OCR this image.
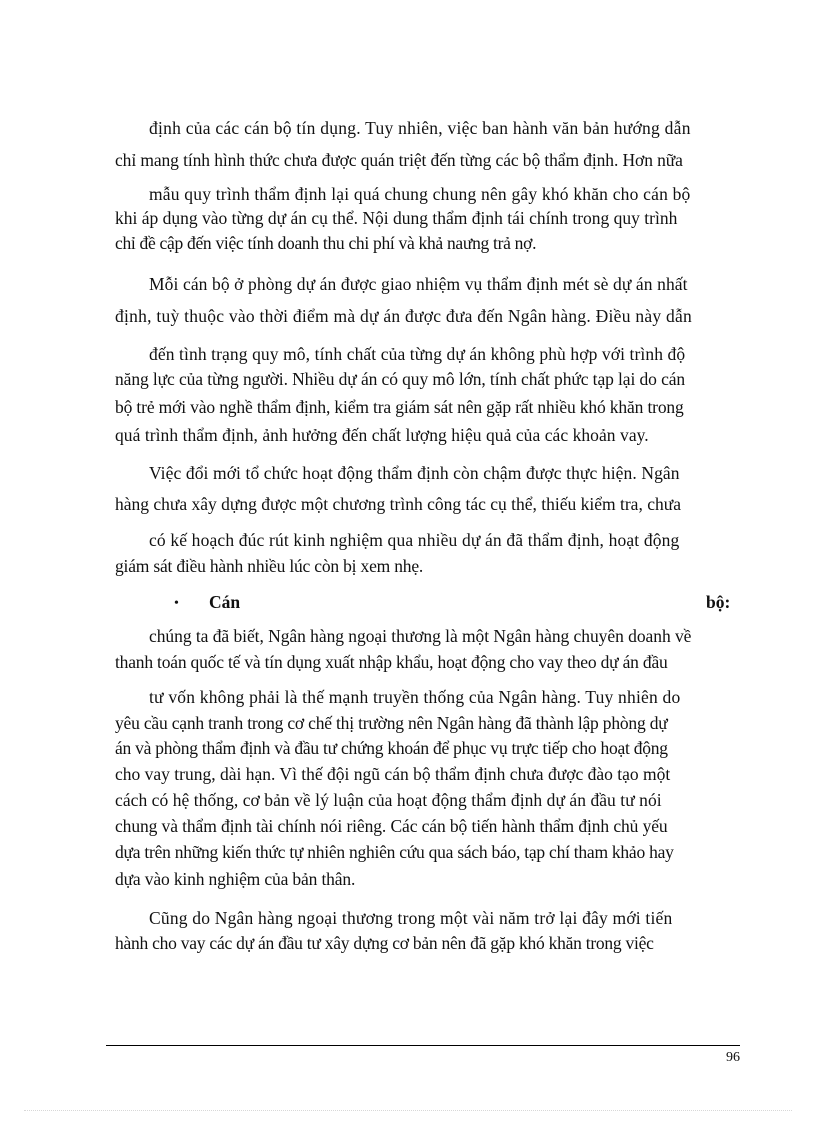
định của các cán bộ tín dụng. Tuy nhiên, việc ban hành văn bản hướng dẫn

chỉ mang tính hình thức chưa được quán triệt đến từng các bộ thẩm định. Hơn nữa

mẫu quy trình thẩm định lại quá chung chung nên gây khó khăn cho cán bộ

khi áp dụng vào từng dự án cụ thể. Nội dung thẩm định tái chính trong quy trình

chỉ đề cập đến việc tính doanh thu chi phí và khả naưng trả nợ.

Mỗi cán bộ ở phòng dự án được giao nhiệm vụ thẩm định mét sè dự án nhất

định, tuỳ thuộc vào thời điểm mà dự án được đưa đến Ngân hàng. Điều này dẫn

đến tình trạng quy mô, tính chất của từng dự án không phù hợp với trình độ

năng lực của từng người. Nhiều dự án có quy mô lớn, tính chất phức tạp lại do cán

bộ trẻ mới vào nghề thẩm định, kiểm tra giám sát nên gặp rất nhiều khó khăn trong

quá trình thẩm định, ảnh hưởng đến chất lượng hiệu quả của các khoản vay.

Việc đổi mới tổ chức hoạt động thẩm định còn chậm được thực hiện. Ngân

hàng chưa xây dựng được một chương trình công tác cụ thể, thiếu kiểm tra, chưa

có kế hoạch đúc rút kinh nghiệm qua nhiều dự án đã thẩm định, hoạt động

giám sát điều hành nhiều lúc còn bị xem nhẹ.

• Cán	bộ:

chúng ta đã biết, Ngân hàng ngoại thương là một Ngân hàng chuyên doanh về

thanh toán quốc tế và tín dụng xuất nhập khẩu, hoạt động cho vay theo dự án đầu

tư vốn không phải là thế mạnh truyền thống của Ngân hàng. Tuy nhiên do

yêu cầu cạnh tranh trong cơ chế thị trường nên Ngân hàng đã thành lập phòng dự

án và phòng thẩm định và đầu tư chứng khoán để phục vụ trực tiếp cho hoạt động

cho vay trung, dài hạn. Vì thế đội ngũ cán bộ thẩm định chưa được đào tạo một

cách có hệ thống, cơ bản về lý luận của hoạt động thẩm định dự án đầu tư nói

chung và thẩm định tài chính nói riêng. Các cán bộ tiến hành thẩm định chủ yếu

dựa trên những kiến thức tự nhiên nghiên cứu qua sách báo, tạp chí tham khảo hay

dựa vào kinh nghiệm của bản thân.

Cũng do Ngân hàng ngoại thương trong một vài năm trở lại đây mới tiến

hành cho vay các dự án đầu tư xây dựng cơ bản nên đã gặp khó khăn trong việc

96
